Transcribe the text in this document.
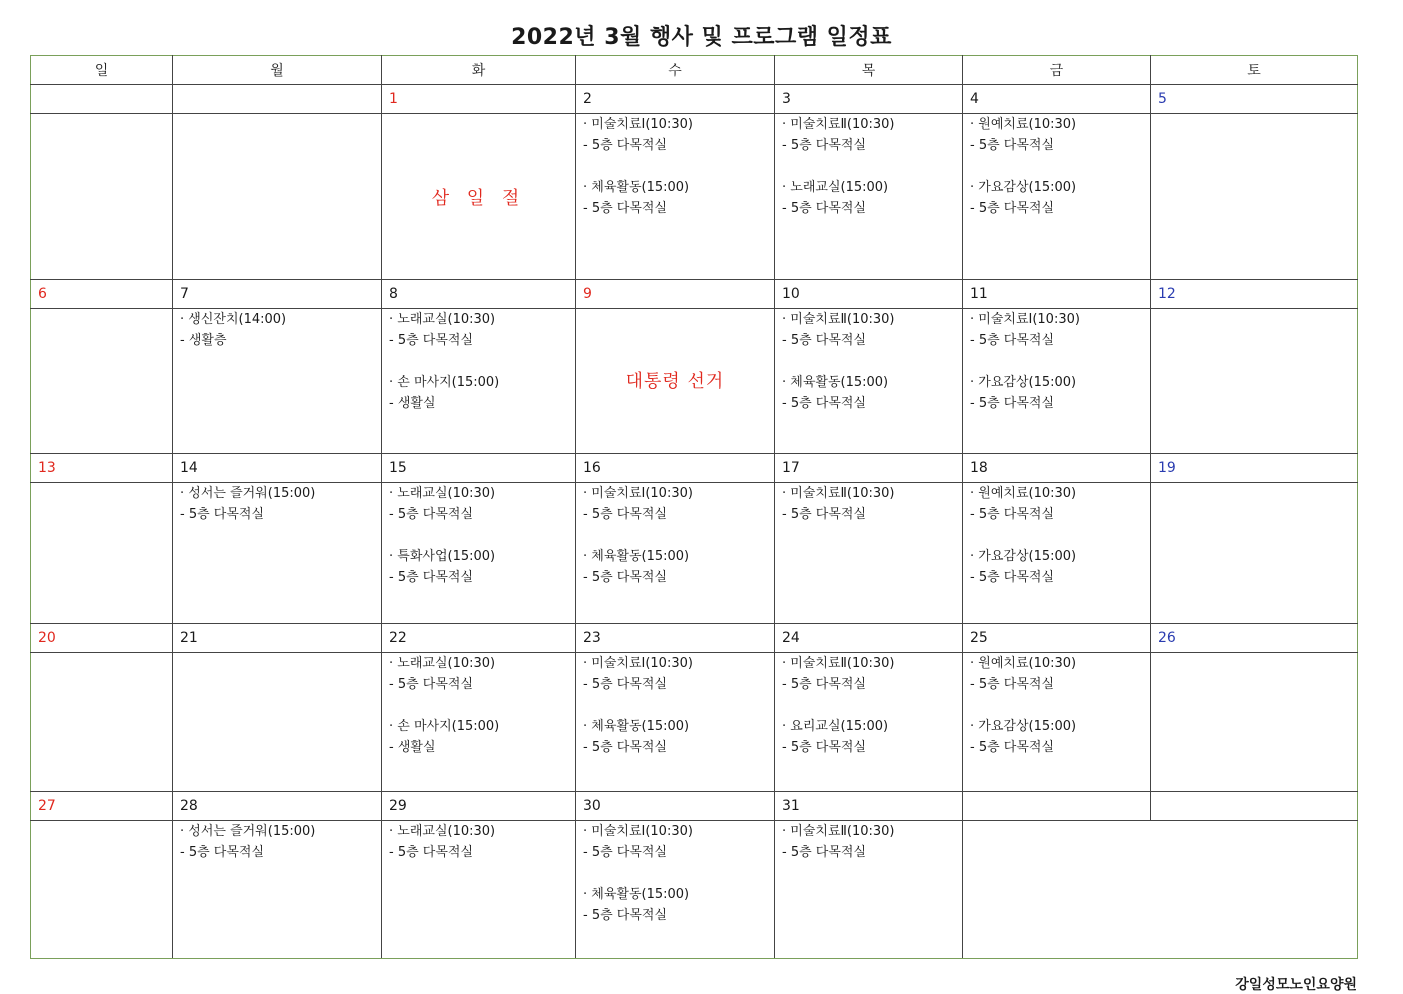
2022년 3월 행사 및 프로그램 일정표
일	월	화	수	목	금	토
		1	2	3	4	5

		삼 일 절	· 미술치료Ⅰ(10:30)
- 5층 다목적실
· 체육활동(15:00)
- 5층 다목적실	· 미술치료Ⅱ(10:30)
- 5층 다목적실
· 노래교실(15:00)
- 5층 다목적실	· 원예치료(10:30)
- 5층 다목적실
· 가요감상(15:00)
- 5층 다목적실	

6	7	8	9	10	11	12

	· 생신잔치(14:00)
- 생활층	· 노래교실(10:30)
- 5층 다목적실
· 손 마사지(15:00)
- 생활실	대통령 선거	· 미술치료Ⅱ(10:30)
- 5층 다목적실
· 체육활동(15:00)
- 5층 다목적실	· 미술치료Ⅰ(10:30)
- 5층 다목적실
· 가요감상(15:00)
- 5층 다목적실	

13	14	15	16	17	18	19

	· 성서는 즐거워(15:00)
- 5층 다목적실	· 노래교실(10:30)
- 5층 다목적실
· 특화사업(15:00)
- 5층 다목적실	· 미술치료Ⅰ(10:30)
- 5층 다목적실
· 체육활동(15:00)
- 5층 다목적실	· 미술치료Ⅱ(10:30)
- 5층 다목적실	· 원예치료(10:30)
- 5층 다목적실
· 가요감상(15:00)
- 5층 다목적실	

20	21	22	23	24	25	26

		· 노래교실(10:30)
- 5층 다목적실
· 손 마사지(15:00)
- 생활실	· 미술치료Ⅰ(10:30)
- 5층 다목적실
· 체육활동(15:00)
- 5층 다목적실	· 미술치료Ⅱ(10:30)
- 5층 다목적실
· 요리교실(15:00)
- 5층 다목적실	· 원예치료(10:30)
- 5층 다목적실
· 가요감상(15:00)
- 5층 다목적실	

27	28	29	30	31		

	· 성서는 즐거워(15:00)
- 5층 다목적실	· 노래교실(10:30)
- 5층 다목적실	· 미술치료Ⅰ(10:30)
- 5층 다목적실
· 체육활동(15:00)
- 5층 다목적실	· 미술치료Ⅱ(10:30)
- 5층 다목적실		

강일성모노인요양원
